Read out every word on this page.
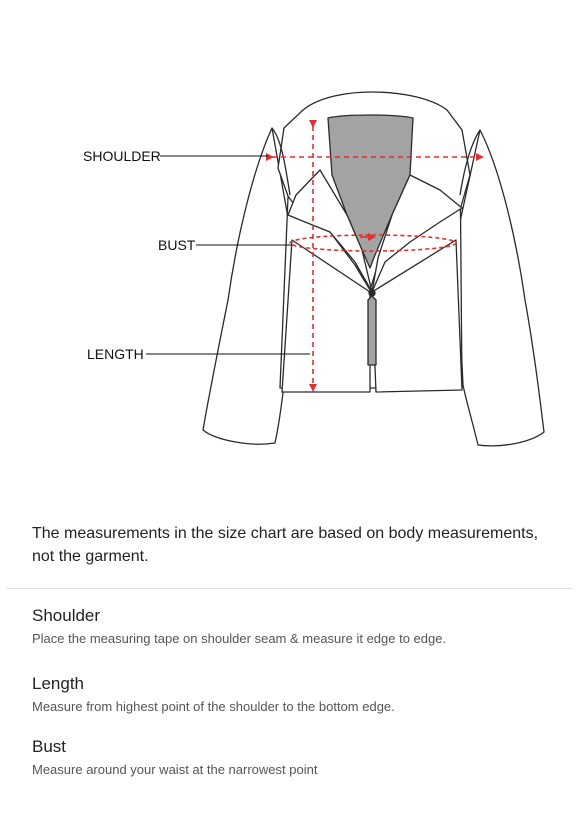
SHOULDER
BUST
LENGTH

The measurements in the size chart are based on body measurements,
not the garment.

Shoulder

Place the measuring tape on shoulder seam & measure it edge to edge.

Length

Measure from highest point of the shoulder to the bottom edge.

Bust

Measure around your waist at the narrowest point
